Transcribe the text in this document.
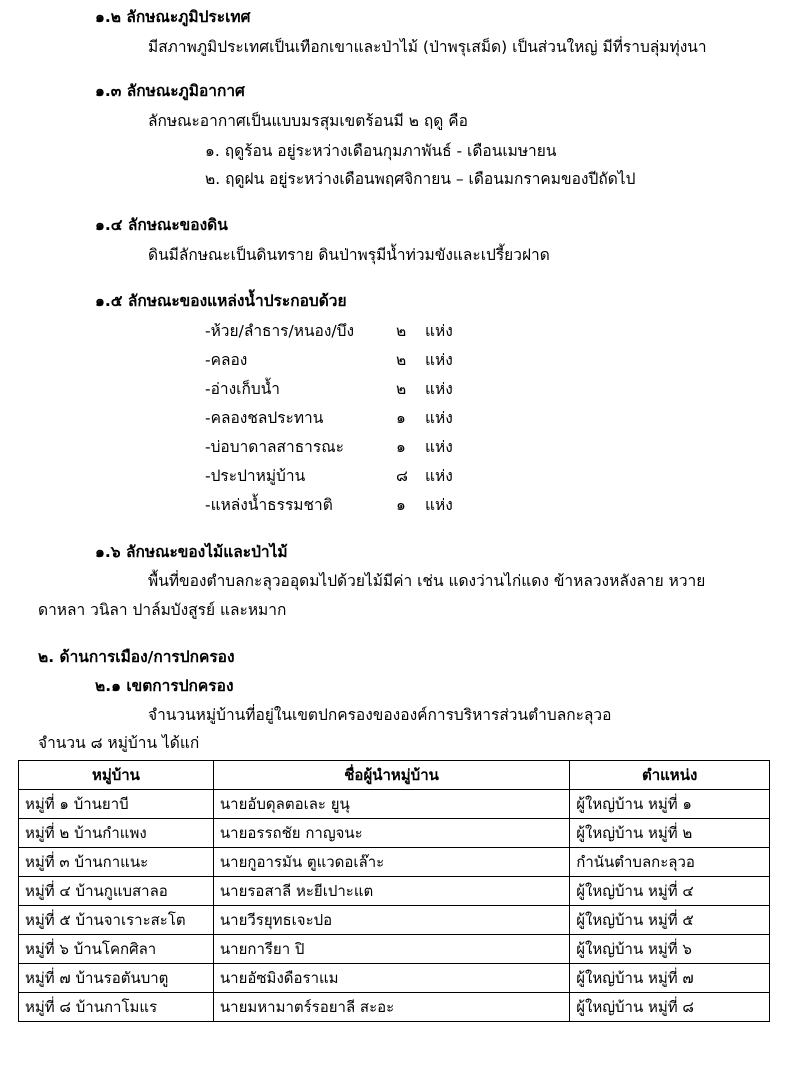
๑.๒ ลักษณะภูมิประเทศ
มีสภาพภูมิประเทศเป็นเทือกเขาและป่าไม้ (ป่าพรุเสม็ด) เป็นส่วนใหญ่ มีที่ราบลุ่มทุ่งนา
๑.๓ ลักษณะภูมิอากาศ
ลักษณะอากาศเป็นแบบมรสุมเขตร้อนมี ๒ ฤดู คือ
๑. ฤดูร้อน อยู่ระหว่างเดือนกุมภาพันธ์ - เดือนเมษายน
๒. ฤดูฝน อยู่ระหว่างเดือนพฤศจิกายน – เดือนมกราคมของปีถัดไป
๑.๔ ลักษณะของดิน
ดินมีลักษณะเป็นดินทราย ดินป่าพรุมีน้ำท่วมขังและเปรี้ยวฝาด
๑.๕ ลักษณะของแหล่งน้ำประกอบด้วย
-ห้วย/ลำธาร/หนอง/บึง	๒ แห่ง
-คลอง	๒ แห่ง
-อ่างเก็บน้ำ	๒ แห่ง
-คลองชลประทาน	๑ แห่ง
-บ่อบาดาลสาธารณะ	๑ แห่ง
-ประปาหมู่บ้าน	๘ แห่ง
-แหล่งน้ำธรรมชาติ	๑ แห่ง
๑.๖ ลักษณะของไม้และป่าไม้
พื้นที่ของตำบลกะลุวออุดมไปด้วยไม้มีค่า เช่น แดงว่านไก่แดง ข้าหลวงหลังลาย หวาย
ดาหลา วนิลา ปาล์มบังสูรย์ และหมาก
๒. ด้านการเมือง/การปกครอง
๒.๑ เขตการปกครอง
จำนวนหมู่บ้านที่อยู่ในเขตปกครองขององค์การบริหารส่วนตำบลกะลุวอ
จำนวน ๘ หมู่บ้าน ได้แก่
หมู่บ้าน	ชื่อผู้นำหมู่บ้าน	ตำแหน่ง
หมู่ที่ ๑ บ้านยาบี	นายอับดุลตอเละ ยูนุ	ผู้ใหญ่บ้าน หมู่ที่ ๑
หมู่ที่ ๒ บ้านกำแพง	นายอรรถชัย กาญจนะ	ผู้ใหญ่บ้าน หมู่ที่ ๒
หมู่ที่ ๓ บ้านกาแนะ	นายกูอารมัน ตูแวดอเล๊าะ	กำนันตำบลกะลุวอ
หมู่ที่ ๔ บ้านกูแบสาลอ	นายรอสาลี หะยีเปาะแต	ผู้ใหญ่บ้าน หมู่ที่ ๔
หมู่ที่ ๕ บ้านจาเราะสะโต	นายวีรยุทธเจะปอ	ผู้ใหญ่บ้าน หมู่ที่ ๕
หมู่ที่ ๖ บ้านโคกศิลา	นายการียา ปิ	ผู้ใหญ่บ้าน หมู่ที่ ๖
หมู่ที่ ๗ บ้านรอตันบาตู	นายอัซมิงดือราแม	ผู้ใหญ่บ้าน หมู่ที่ ๗
หมู่ที่ ๘ บ้านกาโมแร	นายมหามาตร์รอยาลี สะอะ	ผู้ใหญ่บ้าน หมู่ที่ ๘
